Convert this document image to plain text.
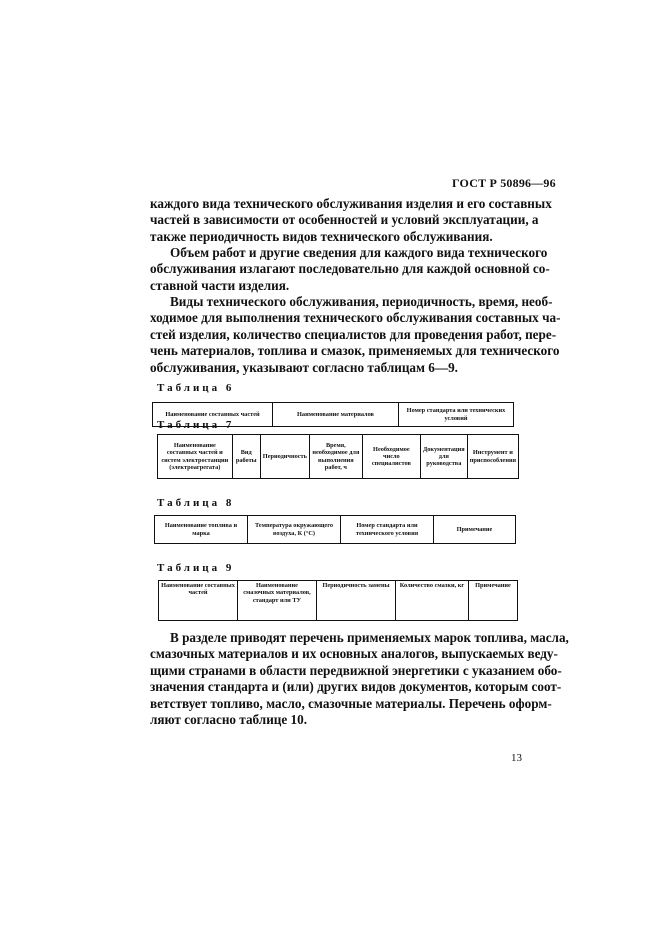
ГОСТ Р 50896—96
каждого вида технического обслуживания изделия и его составных
частей в зависимости от особенностей и условий эксплуатации, а
также периодичность видов технического обслуживания.
Объем работ и другие сведения для каждого вида технического
обслуживания излагают последовательно для каждой основной со-
ставной части изделия.
Виды технического обслуживания, периодичность, время, необ-
ходимое для выполнения технического обслуживания составных ча-
стей изделия, количество специалистов для проведения работ, пере-
чень материалов, топлива и смазок, применяемых для технического
обслуживания, указывают согласно таблицам 6—9.
Таблица 6
Наименование составных частей	Наименование материалов	Номер стандарта или технических условий
Таблица 7
Наименование составных частей и систем электростанции (электроагрегата)	Вид работы	Периодичность	Время, необходимое для выполнения работ, ч	Необходимое число специалистов	Документация для руководства	Инструмент и приспособления
Таблица 8
Наименование топлива и марка	Температура окружающего воздуха, К (°С)	Номер стандарта или технического условия	Примечание
Таблица 9
Наименование составных частей	Наименование смазочных материалов, стандарт или ТУ	Периодичность замены	Количество смазки, кг	Примечание
В разделе приводят перечень применяемых марок топлива, масла,
смазочных материалов и их основных аналогов, выпускаемых веду-
щими странами в области передвижной энергетики с указанием обо-
значения стандарта и (или) других видов документов, которым соот-
ветствует топливо, масло, смазочные материалы. Перечень оформ-
ляют согласно таблице 10.
13
